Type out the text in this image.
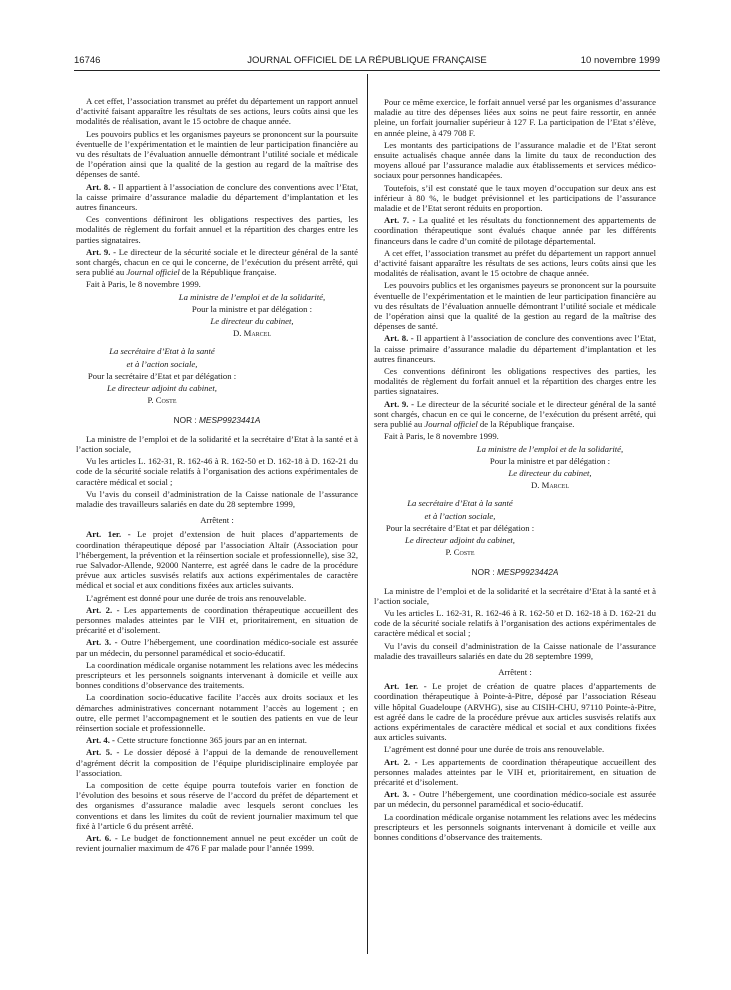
16746	JOURNAL OFFICIEL DE LA RÉPUBLIQUE FRANÇAISE	10 novembre 1999

A cet effet, l’association transmet au préfet du département un rapport annuel d’activité faisant apparaître les résultats de ses actions, leurs coûts ainsi que les modalités de réalisation, avant le 15 octobre de chaque année.

Les pouvoirs publics et les organismes payeurs se prononcent sur la poursuite éventuelle de l’expérimentation et le maintien de leur participation financière au vu des résultats de l’évaluation annuelle démontrant l’utilité sociale et médicale de l’opération ainsi que la qualité de la gestion au regard de la maîtrise des dépenses de santé.

Art. 8. - Il appartient à l’association de conclure des conventions avec l’Etat, la caisse primaire d’assurance maladie du département d’implantation et les autres financeurs.

Ces conventions définiront les obligations respectives des parties, les modalités de règlement du forfait annuel et la répartition des charges entre les parties signataires.

Art. 9. - Le directeur de la sécurité sociale et le directeur général de la santé sont chargés, chacun en ce qui le concerne, de l’exécution du présent arrêté, qui sera publié au Journal officiel de la République française.

Fait à Paris, le 8 novembre 1999.

La ministre de l’emploi et de la solidarité,

Pour la ministre et par délégation :

Le directeur du cabinet,

D. Marcel

La secrétaire d’Etat à la santé

et à l’action sociale,

Pour la secrétaire d’Etat et par délégation :

Le directeur adjoint du cabinet,

P. Coste

NOR : MESP9923441A

La ministre de l’emploi et de la solidarité et la secrétaire d’Etat à la santé et à l’action sociale,

Vu les articles L. 162-31, R. 162-46 à R. 162-50 et D. 162-18 à D. 162-21 du code de la sécurité sociale relatifs à l’organisation des actions expérimentales de caractère médical et social ;

Vu l’avis du conseil d’administration de la Caisse nationale de l’assurance maladie des travailleurs salariés en date du 28 septembre 1999,

Arrêtent :

Art. 1er. - Le projet d’extension de huit places d’appartements de coordination thérapeutique déposé par l’association Altaïr (Association pour l’hébergement, la prévention et la réinsertion sociale et professionnelle), sise 32, rue Salvador-Allende, 92000 Nanterre, est agréé dans le cadre de la procédure prévue aux articles susvisés relatifs aux actions expérimentales de caractère médical et social et aux conditions fixées aux articles suivants.

L’agrément est donné pour une durée de trois ans renouvelable.

Art. 2. - Les appartements de coordination thérapeutique accueillent des personnes malades atteintes par le VIH et, prioritairement, en situation de précarité et d’isolement.

Art. 3. - Outre l’hébergement, une coordination médico-sociale est assurée par un médecin, du personnel paramédical et socio-éducatif.

La coordination médicale organise notamment les relations avec les médecins prescripteurs et les personnels soignants intervenant à domicile et veille aux bonnes conditions d’observance des traitements.

La coordination socio-éducative facilite l’accès aux droits sociaux et les démarches administratives concernant notamment l’accès au logement ; en outre, elle permet l’accompagnement et le soutien des patients en vue de leur réinsertion sociale et professionnelle.

Art. 4. - Cette structure fonctionne 365 jours par an en internat.

Art. 5. - Le dossier déposé à l’appui de la demande de renouvellement d’agrément décrit la composition de l’équipe pluridisciplinaire employée par l’association.

La composition de cette équipe pourra toutefois varier en fonction de l’évolution des besoins et sous réserve de l’accord du préfet de département et des organismes d’assurance maladie avec lesquels seront conclues les conventions et dans les limites du coût de revient journalier maximum tel que fixé à l’article 6 du présent arrêté.

Art. 6. - Le budget de fonctionnement annuel ne peut excéder un coût de revient journalier maximum de 476 F par malade pour l’année 1999.

Pour ce même exercice, le forfait annuel versé par les organismes d’assurance maladie au titre des dépenses liées aux soins ne peut faire ressortir, en année pleine, un forfait journalier supérieur à 127 F. La participation de l’Etat s’élève, en année pleine, à 479 708 F.

Les montants des participations de l’assurance maladie et de l’Etat seront ensuite actualisés chaque année dans la limite du taux de reconduction des moyens alloué par l’assurance maladie aux établissements et services médico-sociaux pour personnes handicapées.

Toutefois, s’il est constaté que le taux moyen d’occupation sur deux ans est inférieur à 80 %, le budget prévisionnel et les participations de l’assurance maladie et de l’Etat seront réduits en proportion.

Art. 7. - La qualité et les résultats du fonctionnement des appartements de coordination thérapeutique sont évalués chaque année par les différents financeurs dans le cadre d’un comité de pilotage départemental.

A cet effet, l’association transmet au préfet du département un rapport annuel d’activité faisant apparaître les résultats de ses actions, leurs coûts ainsi que les modalités de réalisation, avant le 15 octobre de chaque année.

Les pouvoirs publics et les organismes payeurs se prononcent sur la poursuite éventuelle de l’expérimentation et le maintien de leur participation financière au vu des résultats de l’évaluation annuelle démontrant l’utilité sociale et médicale de l’opération ainsi que la qualité de la gestion au regard de la maîtrise des dépenses de santé.

Art. 8. - Il appartient à l’association de conclure des conventions avec l’Etat, la caisse primaire d’assurance maladie du département d’implantation et les autres financeurs.

Ces conventions définiront les obligations respectives des parties, les modalités de règlement du forfait annuel et la répartition des charges entre les parties signataires.

Art. 9. - Le directeur de la sécurité sociale et le directeur général de la santé sont chargés, chacun en ce qui le concerne, de l’exécution du présent arrêté, qui sera publié au Journal officiel de la République française.

Fait à Paris, le 8 novembre 1999.

La ministre de l’emploi et de la solidarité,

Pour la ministre et par délégation :

Le directeur du cabinet,

D. Marcel

La secrétaire d’Etat à la santé

et à l’action sociale,

Pour la secrétaire d’Etat et par délégation :

Le directeur adjoint du cabinet,

P. Coste

NOR : MESP9923442A

La ministre de l’emploi et de la solidarité et la secrétaire d’Etat à la santé et à l’action sociale,

Vu les articles L. 162-31, R. 162-46 à R. 162-50 et D. 162-18 à D. 162-21 du code de la sécurité sociale relatifs à l’organisation des actions expérimentales de caractère médical et social ;

Vu l’avis du conseil d’administration de la Caisse nationale de l’assurance maladie des travailleurs salariés en date du 28 septembre 1999,

Arrêtent :

Art. 1er. - Le projet de création de quatre places d’appartements de coordination thérapeutique à Pointe-à-Pitre, déposé par l’association Réseau ville hôpital Guadeloupe (ARVHG), sise au CISIH-CHU, 97110 Pointe-à-Pitre, est agréé dans le cadre de la procédure prévue aux articles susvisés relatifs aux actions expérimentales de caractère médical et social et aux conditions fixées aux articles suivants.

L’agrément est donné pour une durée de trois ans renouvelable.

Art. 2. - Les appartements de coordination thérapeutique accueillent des personnes malades atteintes par le VIH et, prioritairement, en situation de précarité et d’isolement.

Art. 3. - Outre l’hébergement, une coordination médico-sociale est assurée par un médecin, du personnel paramédical et socio-éducatif.

La coordination médicale organise notamment les relations avec les médecins prescripteurs et les personnels soignants intervenant à domicile et veille aux bonnes conditions d’observance des traitements.
